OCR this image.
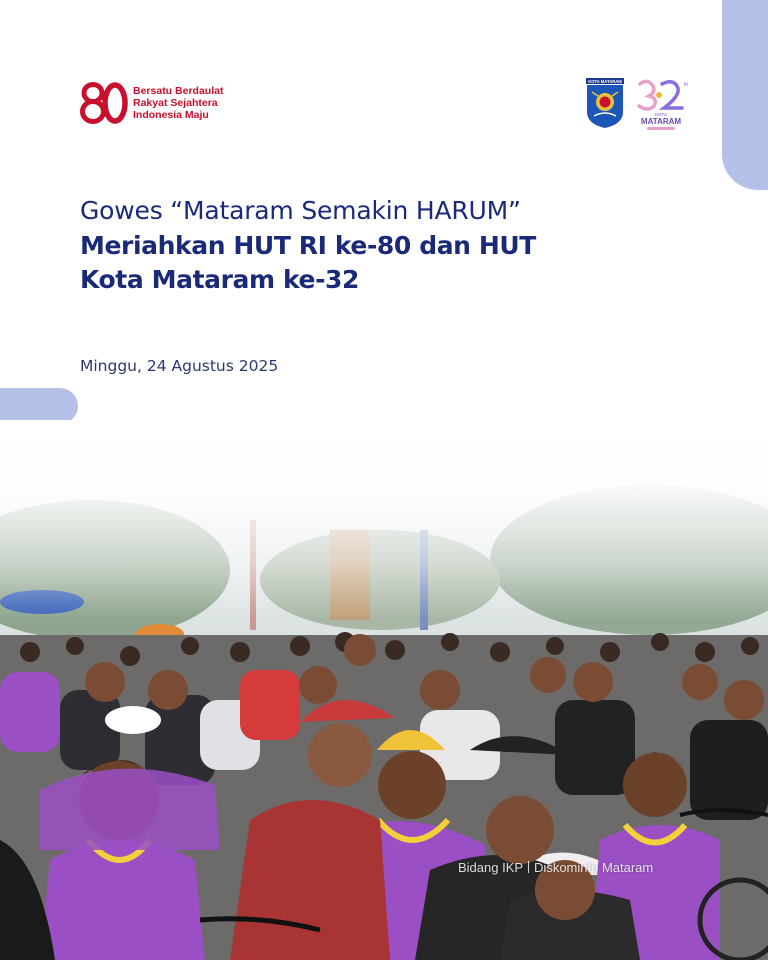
Bersatu Berdaulat
Rakyat Sejahtera
Indonesia Maju
KOTA MATARAM
th
KOTA
MATARAM
Gowes “Mataram Semakin HARUM”
Meriahkan HUT RI ke-80 dan HUT
Kota Mataram ke-32
Minggu, 24 Agustus 2025
Bidang IKP Diskominfo Mataram
